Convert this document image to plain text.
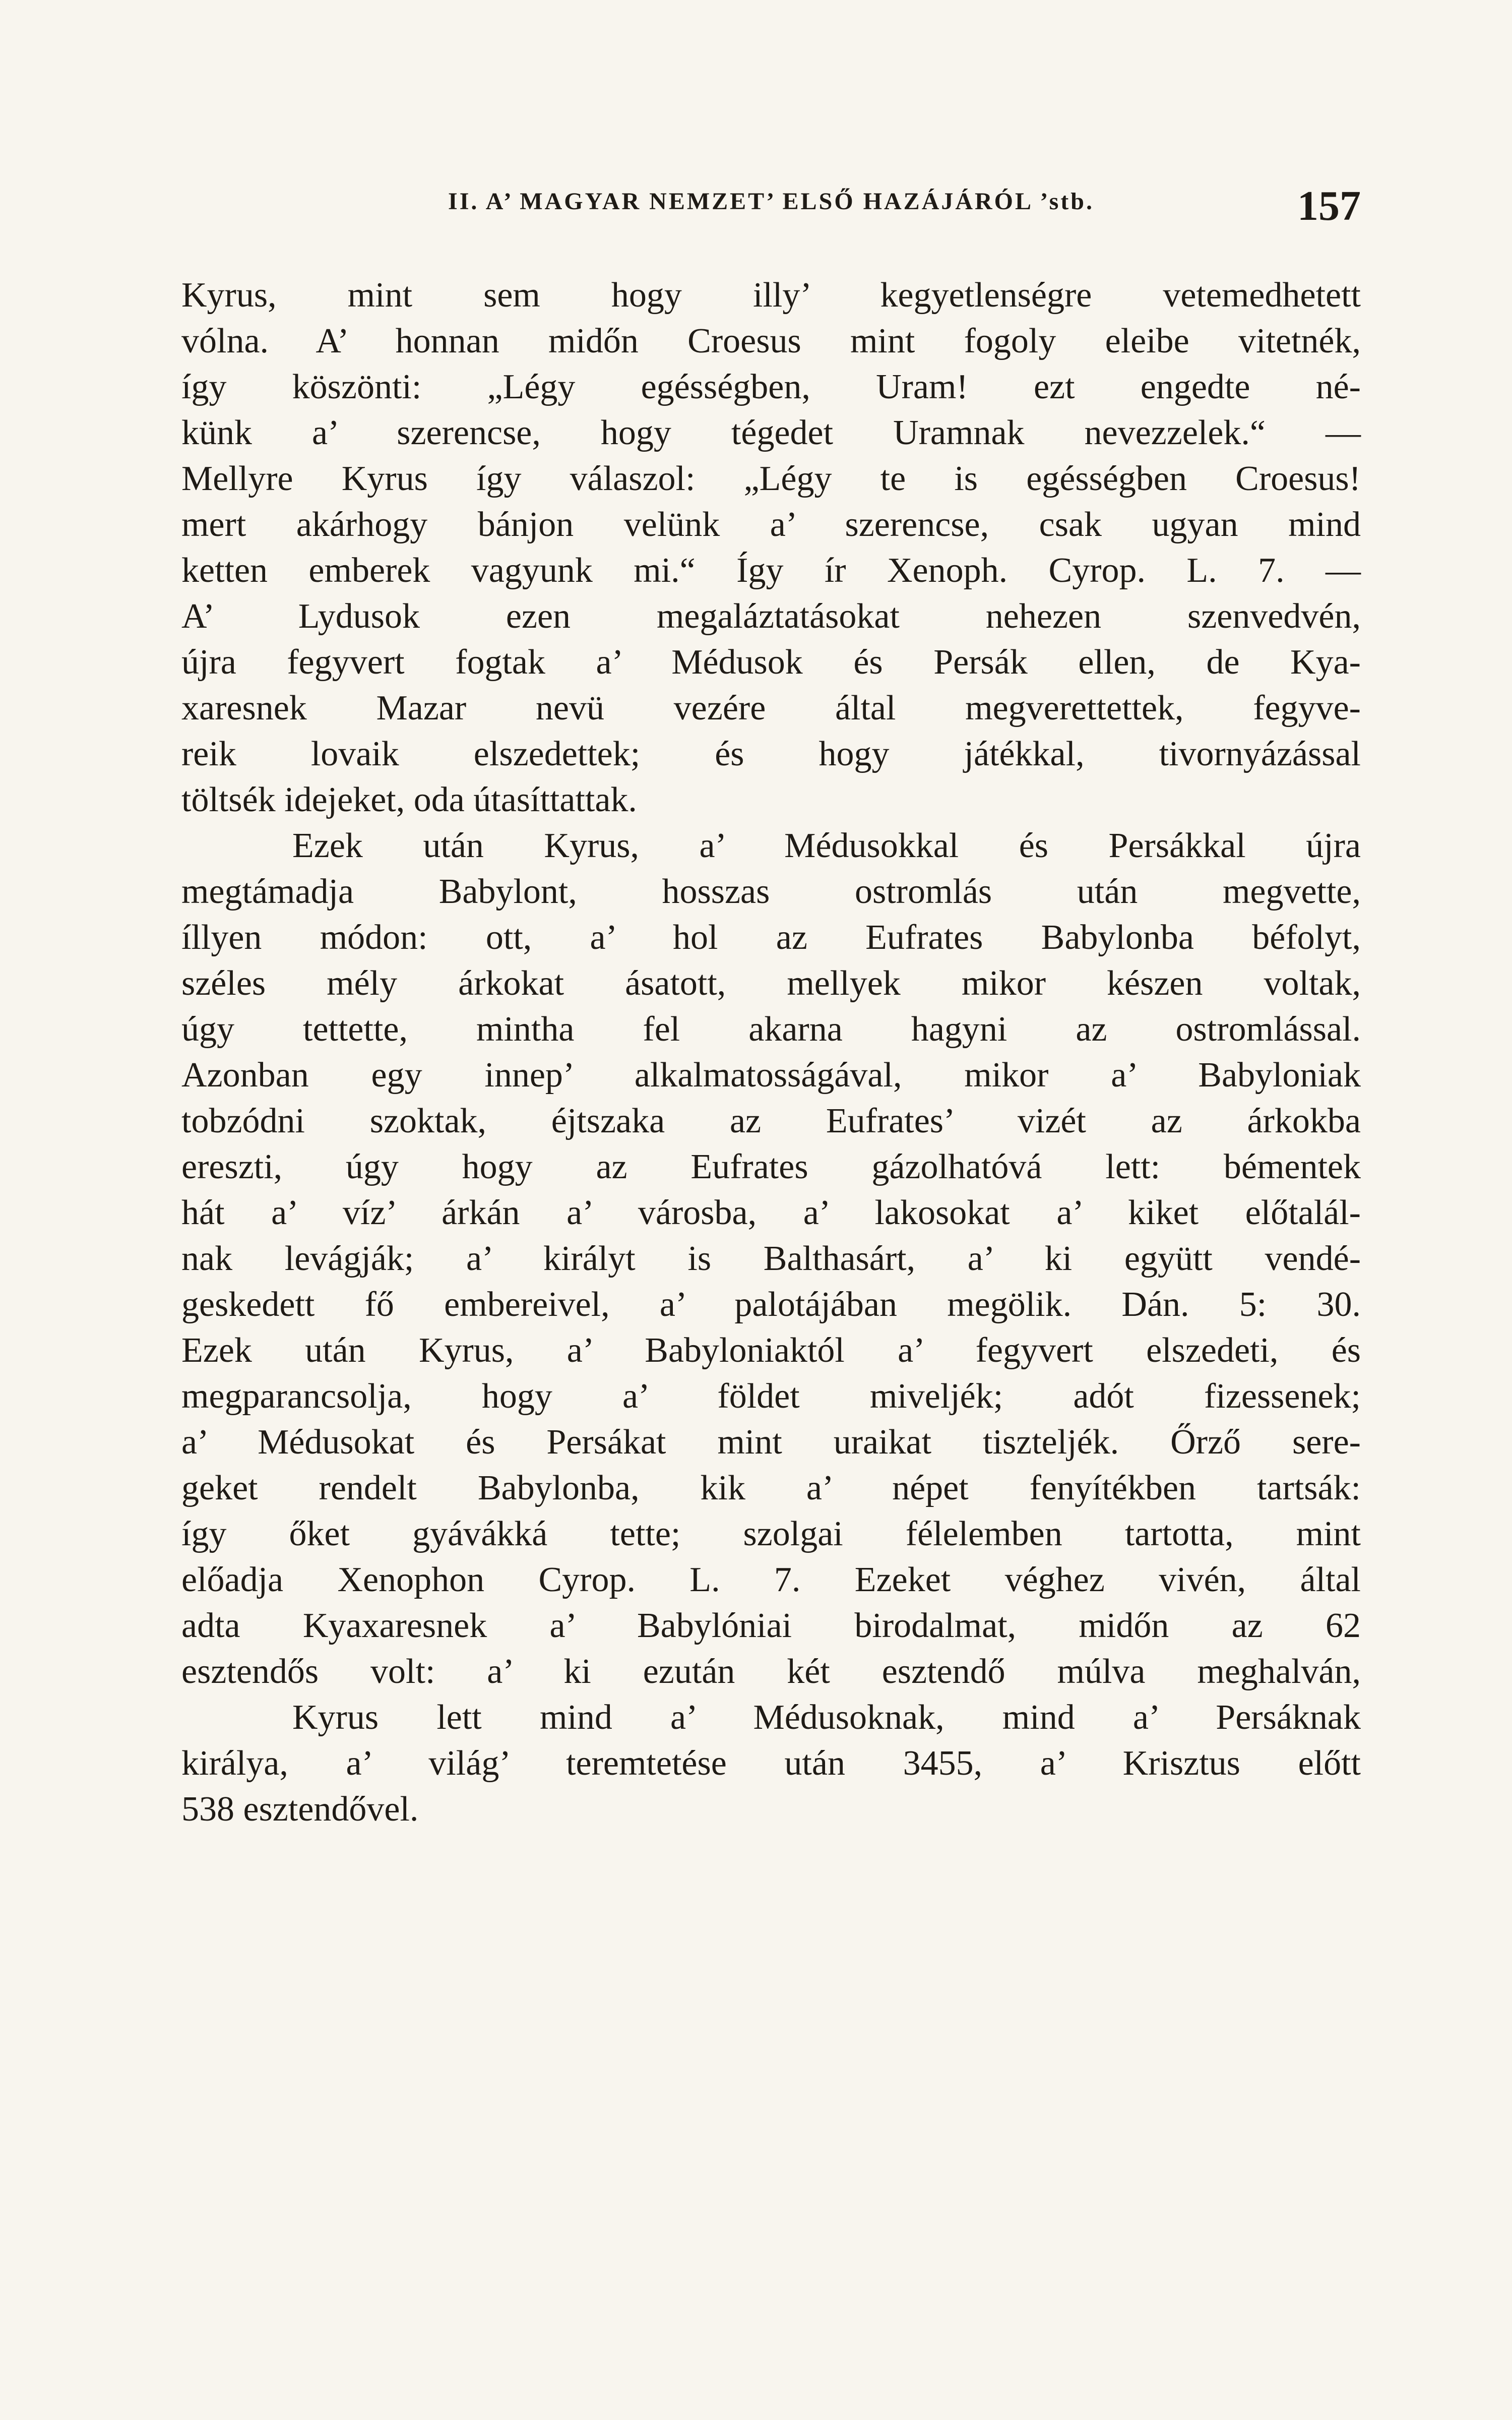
II. A’ MAGYAR NEMZET’ ELSŐ HAZÁJÁRÓL ’stb.	157
Kyrus, mint sem hogy illy’ kegyetlenségre vetemedhetett
vólna. A’ honnan midőn Croesus mint fogoly eleibe vitetnék,
így köszönti: „Légy egésségben, Uram! ezt engedte né-
künk a’ szerencse, hogy tégedet Uramnak nevezzelek.“ —
Mellyre Kyrus így válaszol: „Légy te is egésségben Croesus!
mert akárhogy bánjon velünk a’ szerencse, csak ugyan mind
ketten emberek vagyunk mi.“ Így ír Xenoph. Cyrop. L. 7. —
A’ Lydusok ezen megaláztatásokat nehezen szenvedvén,
újra fegyvert fogtak a’ Médusok és Persák ellen, de Kya-
xaresnek Mazar nevü vezére által megverettettek, fegyve-
reik lovaik elszedettek; és hogy játékkal, tivornyázással
töltsék idejeket, oda útasíttattak.
Ezek után Kyrus, a’ Médusokkal és Persákkal újra
megtámadja Babylont, hosszas ostromlás után megvette,
íllyen módon: ott, a’ hol az Eufrates Babylonba béfolyt,
széles mély árkokat ásatott, mellyek mikor készen voltak,
úgy tettette, mintha fel akarna hagyni az ostromlással.
Azonban egy innep’ alkalmatosságával, mikor a’ Babyloniak
tobzódni szoktak, éjtszaka az Eufrates’ vizét az árkokba
ereszti, úgy hogy az Eufrates gázolhatóvá lett: bémentek
hát a’ víz’ árkán a’ városba, a’ lakosokat a’ kiket előtalál-
nak levágják; a’ királyt is Balthasárt, a’ ki együtt vendé-
geskedett fő embereivel, a’ palotájában megölik. Dán. 5: 30.
Ezek után Kyrus, a’ Babyloniaktól a’ fegyvert elszedeti, és
megparancsolja, hogy a’ földet miveljék; adót fizessenek;
a’ Médusokat és Persákat mint uraikat tiszteljék. Őrző sere-
geket rendelt Babylonba, kik a’ népet fenyítékben tartsák:
így őket gyávákká tette; szolgai félelemben tartotta, mint
előadja Xenophon Cyrop. L. 7. Ezeket véghez vivén, által
adta Kyaxaresnek a’ Babylóniai birodalmat, midőn az 62
esztendős volt: a’ ki ezután két esztendő múlva meghalván,
Kyrus lett mind a’ Médusoknak, mind a’ Persáknak
királya, a’ világ’ teremtetése után 3455, a’ Krisztus előtt
538 esztendővel.
